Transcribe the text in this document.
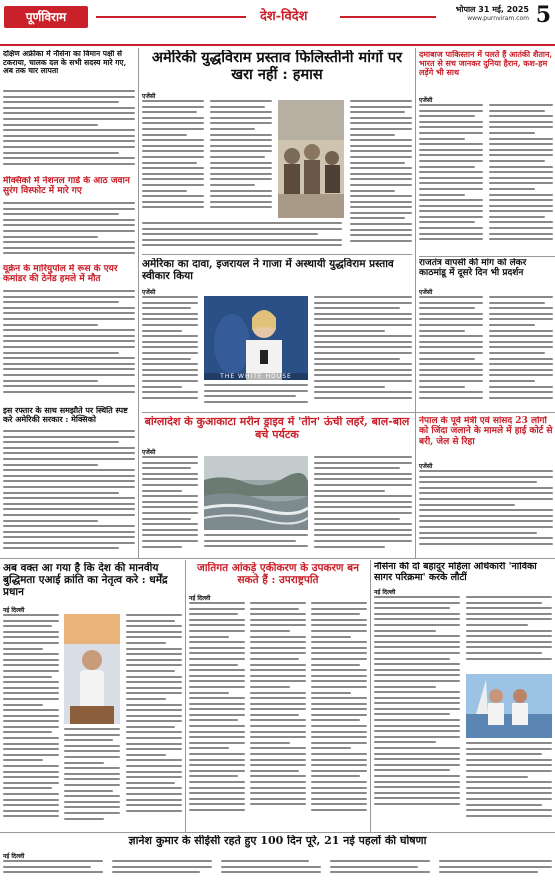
पूर्णविराम	देश-विदेश	भोपाल 31 मई, 2025
www.purnviram.com 5
दक्षिण अफ्रीका में नौसेना का विमान पक्षी से टकराया, चालक दल के सभी सदस्य मारे गए, अब तक चार लापता
मेक्सिको में नेशनल गार्ड के आठ जवान सुरंग विस्फोट में मारे गए
यूक्रेन के मारियुपोल में रूस के एयर कमांडर की ठेनेड हमले में मौत
इस रफ्तार के साथ समझौते पर स्थिति स्पष्ट करे अमेरिकी सरकार : मेक्सिको
अमेरिकी युद्धविराम प्रस्ताव फिलिस्तीनी मांगों पर खरा नहीं : हमास
एजेंसी
अमेरिका का दावा, इजरायल ने गाजा में अस्थायी युद्धविराम प्रस्ताव स्वीकार किया
एजेंसी
THE WHITE HOUSE
बांग्लादेश के कुआकाटा मरीन ड्राइव में 'तीन' ऊंची लहरें, बाल-बाल बचे पर्यटक
एजेंसी
दमाबाज पाकिस्तान में पलते हैं आतंकी शैतान, भारत से सच जानकर दुनिया हैरान, कश-हम लड़ेंगे भी साथ
एजेंसी
राजतंत्र वापसी की मांग को लेकर काठमांडू में दूसरे दिन भी प्रदर्शन
एजेंसी
नेपाल के पूर्व मंत्री एवं सांसद 23 लोगों को जिंदा जलाने के मामले में हाई कोर्ट से बरी, जेल से रिहा
एजेंसी
अब वक्त आ गया है कि देश की मानवीय बुद्धिमता एआई क्रांति का नेतृत्व करे : धर्मेंद्र प्रधान
नई दिल्ली
जातिगत आंकड़े एकीकरण के उपकरण बन सकते हैं : उपराष्ट्रपति
नई दिल्ली
नौसेना की दो बहादुर महिला अधिकारी 'नाविका सागर परिक्रमा' करके लौटीं
नई दिल्ली
ज्ञानेश कुमार के सीईसी रहते हुए 100 दिन पूरे, 21 नई पहलों की घोषणा
नई दिल्ली
